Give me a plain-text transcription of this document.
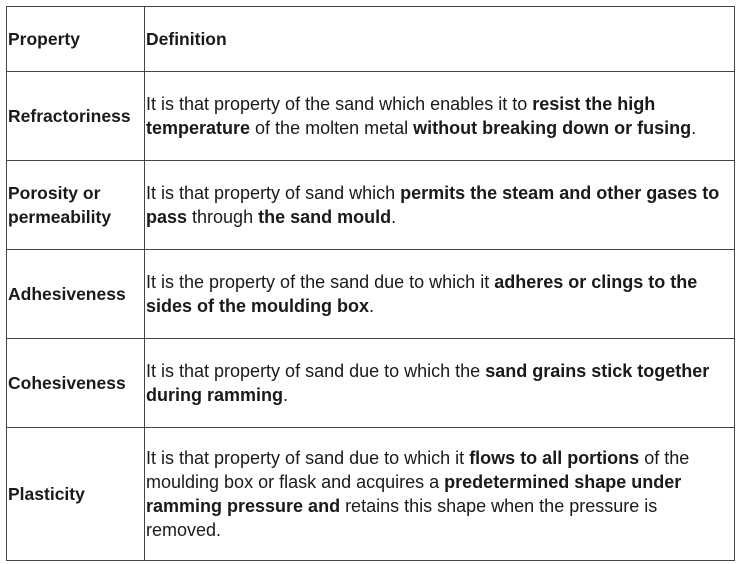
Property	Definition
Refractoriness	It is that property of the sand which enables it to resist the high temperature of the molten metal without breaking down or fusing.
Porosity or permeability	It is that property of sand which permits the steam and other gases to pass through the sand mould.
Adhesiveness	It is the property of the sand due to which it adheres or clings to the sides of the moulding box.
Cohesiveness	It is that property of sand due to which the sand grains stick together during ramming.
Plasticity	It is that property of sand due to which it flows to all portions of the moulding box or flask and acquires a predetermined shape under ramming pressure and retains this shape when the pressure is removed.
